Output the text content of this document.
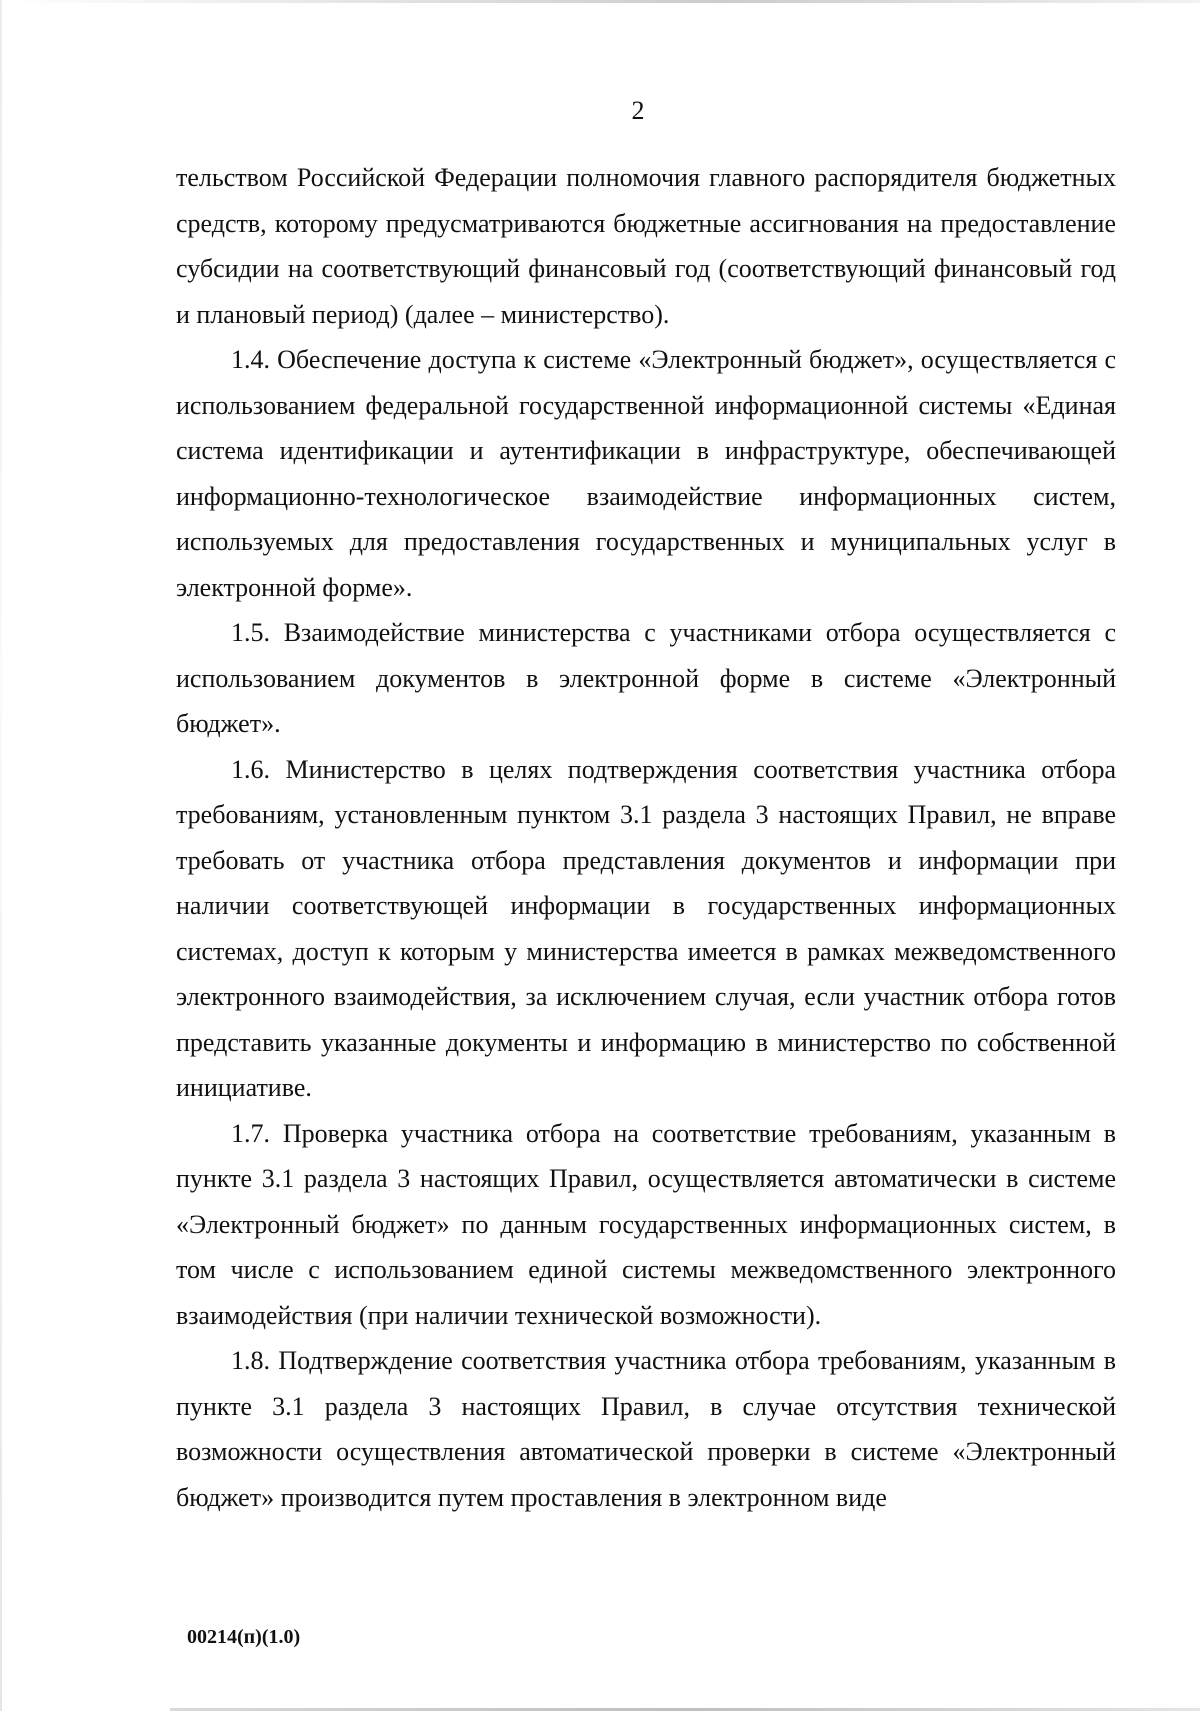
2

тельством Российской Федерации полномочия главного распорядителя бюджетных средств, которому предусматриваются бюджетные ассигнования на предоставление субсидии на соответствующий финансовый год (соответствующий финансовый год и плановый период) (далее – министерство).

1.4. Обеспечение доступа к системе «Электронный бюджет», осуществляется с использованием федеральной государственной информационной системы «Единая система идентификации и аутентификации в инфраструктуре, обеспечивающей информационно-технологическое взаимодействие информационных систем, используемых для предоставления государственных и муниципальных услуг в электронной форме».

1.5. Взаимодействие министерства с участниками отбора осуществляется с использованием документов в электронной форме в системе «Электронный бюджет».

1.6. Министерство в целях подтверждения соответствия участника отбора требованиям, установленным пунктом 3.1 раздела 3 настоящих Правил, не вправе требовать от участника отбора представления документов и информации при наличии соответствующей информации в государственных информационных системах, доступ к которым у министерства имеется в рамках межведомственного электронного взаимодействия, за исключением случая, если участник отбора готов представить указанные документы и информацию в министерство по собственной инициативе.

1.7. Проверка участника отбора на соответствие требованиям, указанным в пункте 3.1 раздела 3 настоящих Правил, осуществляется автоматически в системе «Электронный бюджет» по данным государственных информационных систем, в том числе с использованием единой системы межведомственного электронного взаимодействия (при наличии технической возможности).

1.8. Подтверждение соответствия участника отбора требованиям, указанным в пункте 3.1 раздела 3 настоящих Правил, в случае отсутствия технической возможности осуществления автоматической проверки в системе «Электронный бюджет» производится путем проставления в электронном виде

00214(п)(1.0)
